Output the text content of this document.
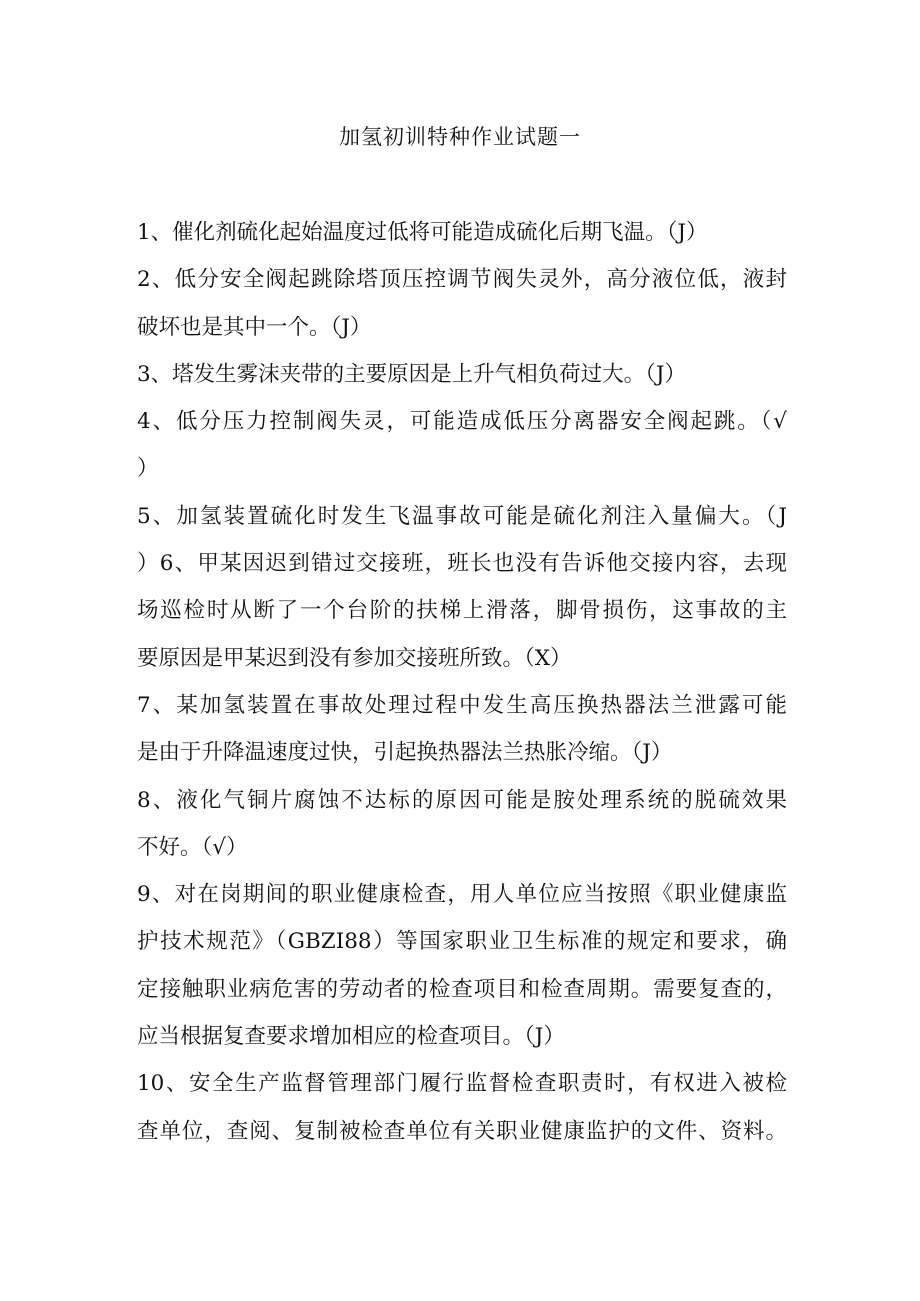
加氢初训特种作业试题一
1、催化剂硫化起始温度过低将可能造成硫化后期飞温。（J）
2、低分安全阀起跳除塔顶压控调节阀失灵外，高分液位低，液封
破坏也是其中一个。（J）
3、塔发生雾沫夹带的主要原因是上升气相负荷过大。（J）
4、低分压力控制阀失灵，可能造成低压分离器安全阀起跳。（√
）
5、加氢装置硫化时发生飞温事故可能是硫化剂注入量偏大。（J
）6、甲某因迟到错过交接班，班长也没有告诉他交接内容，去现
场巡检时从断了一个台阶的扶梯上滑落，脚骨损伤，这事故的主
要原因是甲某迟到没有参加交接班所致。（X）
7、某加氢装置在事故处理过程中发生高压换热器法兰泄露可能
是由于升降温速度过快，引起换热器法兰热胀冷缩。（J）
8、液化气铜片腐蚀不达标的原因可能是胺处理系统的脱硫效果
不好。（√）
9、对在岗期间的职业健康检查，用人单位应当按照《职业健康监
护技术规范》（GBZI88）等国家职业卫生标准的规定和要求，确
定接触职业病危害的劳动者的检查项目和检查周期。需要复查的，
应当根据复查要求增加相应的检查项目。（J）
10、安全生产监督管理部门履行监督检查职责时，有权进入被检
查单位，查阅、复制被检查单位有关职业健康监护的文件、资料。
